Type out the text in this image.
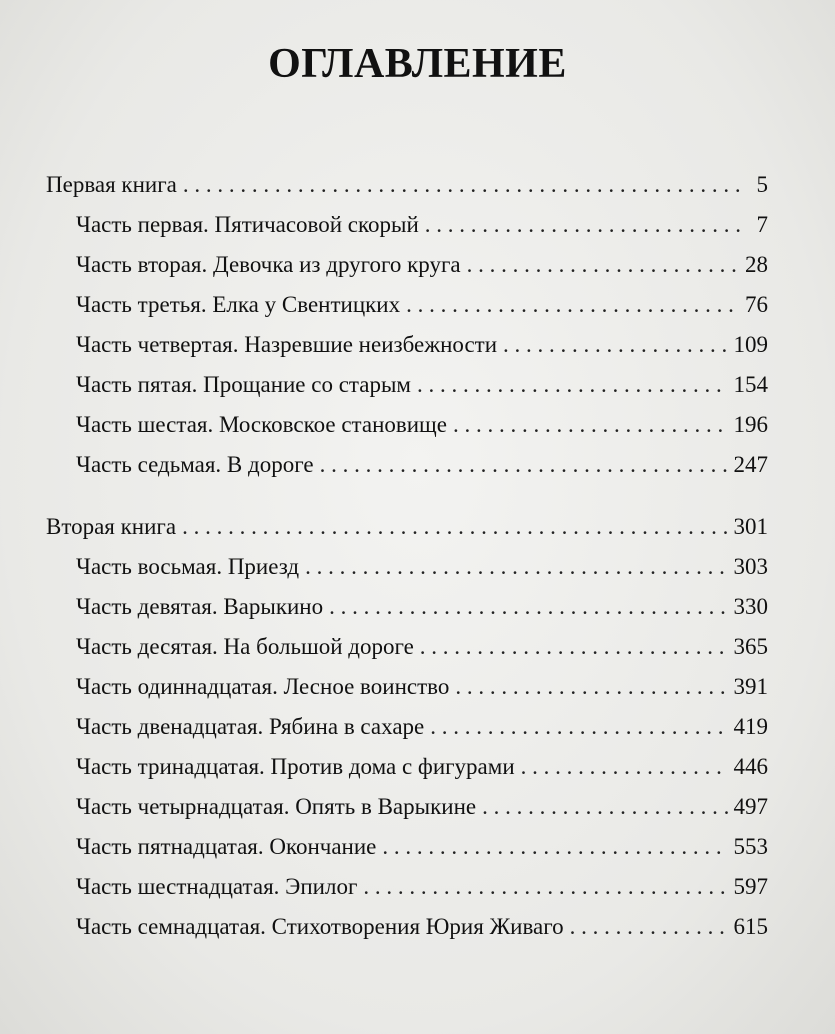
ОГЛАВЛЕНИЕ
Первая книга . . .	5
Часть первая. Пятичасовой скорый . . .	7
Часть вторая. Девочка из другого круга . . .	28
Часть третья. Елка у Свентицких . . .	76
Часть четвертая. Назревшие неизбежности . . .	109
Часть пятая. Прощание со старым . . .	154
Часть шестая. Московское становище . . .	196
Часть седьмая. В дороге . . .	247
Вторая книга . . .	301
Часть восьмая. Приезд . . .	303
Часть девятая. Варыкино . . .	330
Часть десятая. На большой дороге . . .	365
Часть одиннадцатая. Лесное воинство . . .	391
Часть двенадцатая. Рябина в сахаре . . .	419
Часть тринадцатая. Против дома с фигурами . . .	446
Часть четырнадцатая. Опять в Варыкине . . .	497
Часть пятнадцатая. Окончание . . .	553
Часть шестнадцатая. Эпилог . . .	597
Часть семнадцатая. Стихотворения Юрия Живаго . . .	615
